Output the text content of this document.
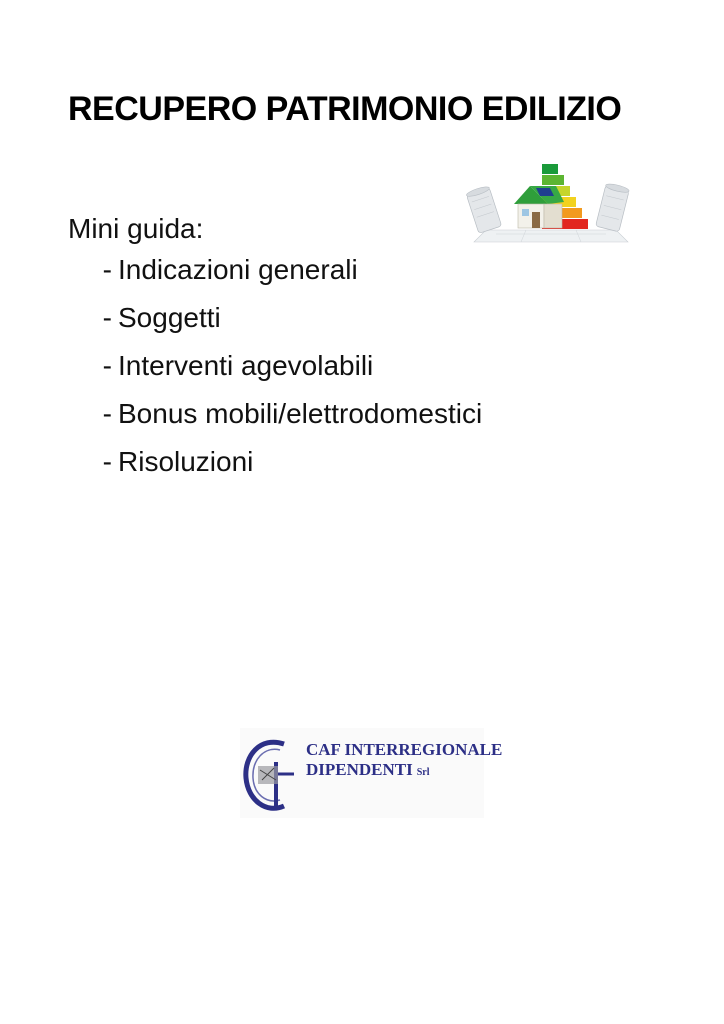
RECUPERO PATRIMONIO EDILIZIO

Mini guida:

- Indicazioni generali
- Soggetti
- Interventi agevolabili
- Bonus mobili/elettrodomestici
- Risoluzioni
CAF INTERREGIONALE
DIPENDENTI Srl
